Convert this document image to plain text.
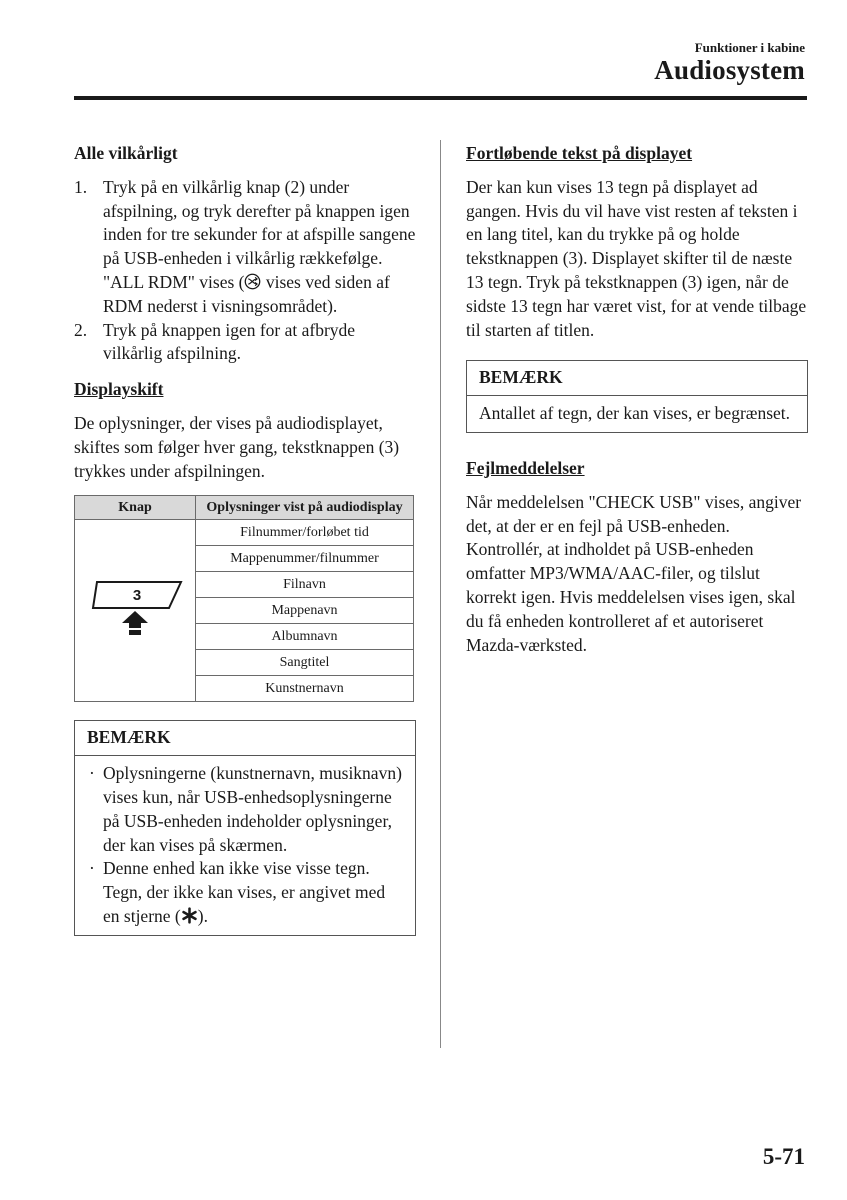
Funktioner i kabine
Audiosystem
Alle vilkårligt
1. Tryk på en vilkårlig knap (2) under afspilning, og tryk derefter på knappen igen inden for tre sekunder for at afspille sangene på USB-enheden i vilkårlig rækkefølge. "ALL RDM" vises ( vises ved siden af RDM nederst i visningsområdet).
2. Tryk på knappen igen for at afbryde vilkårlig afspilning.
Displayskift

De oplysninger, der vises på audiodisplayet, skiftes som følger hver gang, tekstknappen (3) trykkes under afspilningen.

Knap	Oplysninger vist på audiodisplay

3	Filnummer/forløbet tid
	Mappenummer/filnummer
	Filnavn
	Mappenavn
	Albumnavn
	Sangtitel
	Kunstnernavn
BEMÆRK
· Oplysningerne (kunstnernavn, musiknavn) vises kun, når USB-enhedsoplysningerne på USB-enheden indeholder oplysninger, der kan vises på skærmen.
· Denne enhed kan ikke vise visse tegn. Tegn, der ikke kan vises, er angivet med en stjerne ( ).
Fortløbende tekst på displayet

Der kan kun vises 13 tegn på displayet ad gangen. Hvis du vil have vist resten af teksten i en lang titel, kan du trykke på og holde tekstknappen (3). Displayet skifter til de næste 13 tegn. Tryk på tekstknappen (3) igen, når de sidste 13 tegn har været vist, for at vende tilbage til starten af titlen.

BEMÆRK
Antallet af tegn, der kan vises, er begrænset.
Fejlmeddelelser

Når meddelelsen "CHECK USB" vises, angiver det, at der er en fejl på USB-enheden. Kontrollér, at indholdet på USB-enheden omfatter MP3/WMA/AAC-filer, og tilslut korrekt igen. Hvis meddelelsen vises igen, skal du få enheden kontrolleret af et autoriseret Mazda-værksted.

5-71
